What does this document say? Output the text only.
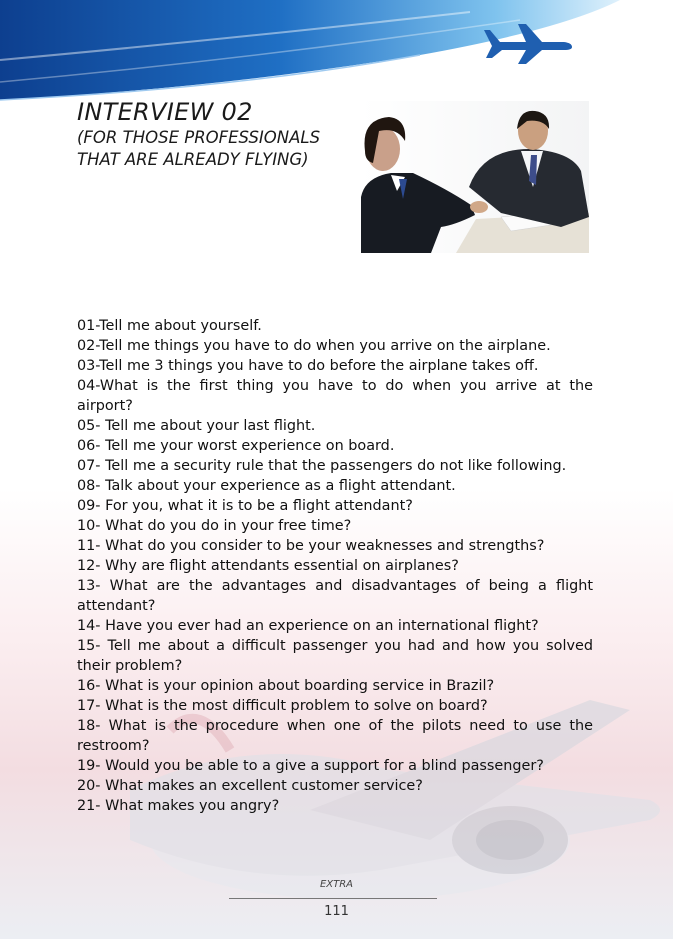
INTERVIEW 02

(FOR THOSE PROFESSIONALS
THAT ARE ALREADY FLYING)

01-Tell me about yourself.
02-Tell me things you have to do when you arrive on the airplane.
03-Tell me 3 things you have to do before the airplane takes off.
04-What is the first thing you have to do when you arrive at the airport?
05- Tell me about your last flight.
06- Tell me your worst experience on board.
07- Tell me a security rule that the passengers do not like following.
08- Talk about your experience as a flight attendant.
09- For you, what it is to be a flight attendant?
10- What do you do in your free time?
11- What do you consider to be your weaknesses and strengths?
12- Why are flight attendants essential on airplanes?
13- What are the advantages and disadvantages of being a flight attendant?
14- Have you ever had an experience on an international flight?
15- Tell me about a difficult passenger you had and how you solved their problem?
16- What is your opinion about boarding service in Brazil?
17- What is the most difficult problem to solve on board?
18- What is the procedure when one of the pilots need to use the restroom?
19- Would you be able to a give a support for a blind passenger?
20- What makes an excellent customer service?
21- What makes you angry?
EXTRA
111
